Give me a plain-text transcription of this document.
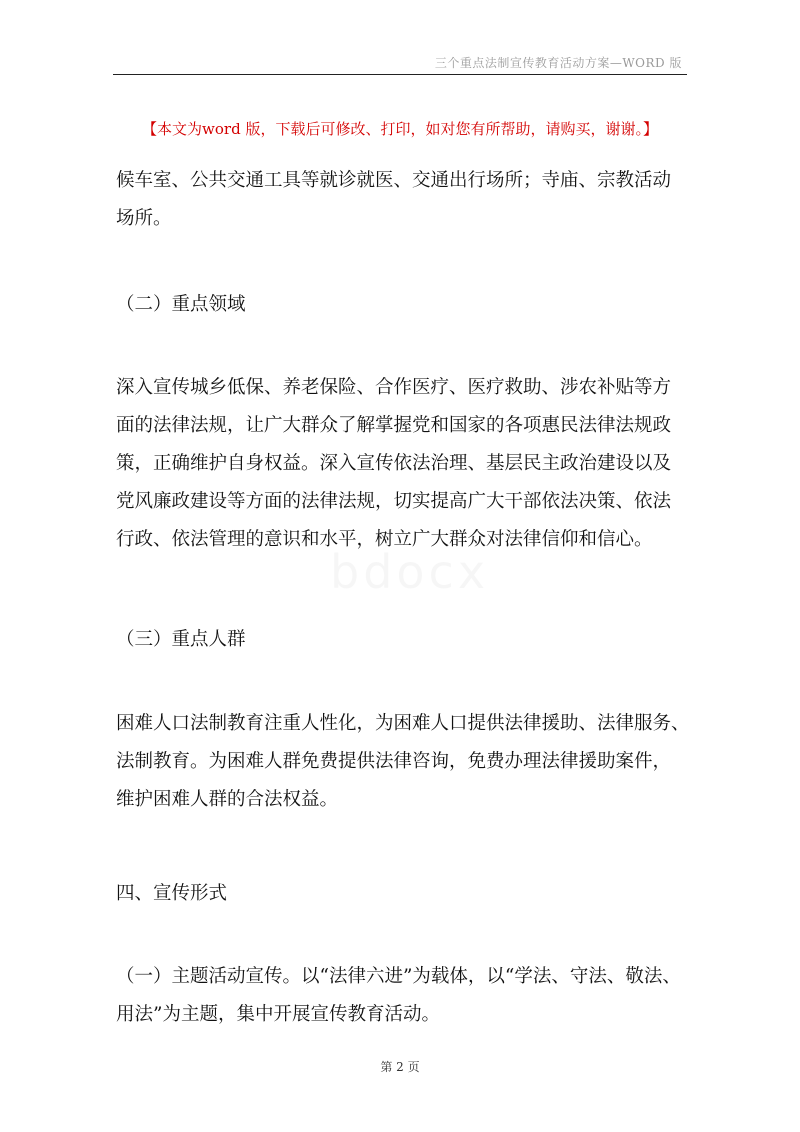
三个重点法制宣传教育活动方案—WORD 版
【本文为word 版，下载后可修改、打印，如对您有所帮助，请购买，谢谢。】
候车室、公共交通工具等就诊就医、交通出行场所；寺庙、宗教活动
场所。
（二）重点领域
深入宣传城乡低保、养老保险、合作医疗、医疗救助、涉农补贴等方
面的法律法规，让广大群众了解掌握党和国家的各项惠民法律法规政
策，正确维护自身权益。深入宣传依法治理、基层民主政治建设以及
党风廉政建设等方面的法律法规，切实提高广大干部依法决策、依法
行政、依法管理的意识和水平，树立广大群众对法律信仰和信心。
（三）重点人群
困难人口法制教育注重人性化，为困难人口提供法律援助、法律服务、
法制教育。为困难人群免费提供法律咨询，免费办理法律援助案件，
维护困难人群的合法权益。
四、宣传形式
（一）主题活动宣传。以“法律六进”为载体，以“学法、守法、敬法、
用法”为主题，集中开展宣传教育活动。
第 2 页
